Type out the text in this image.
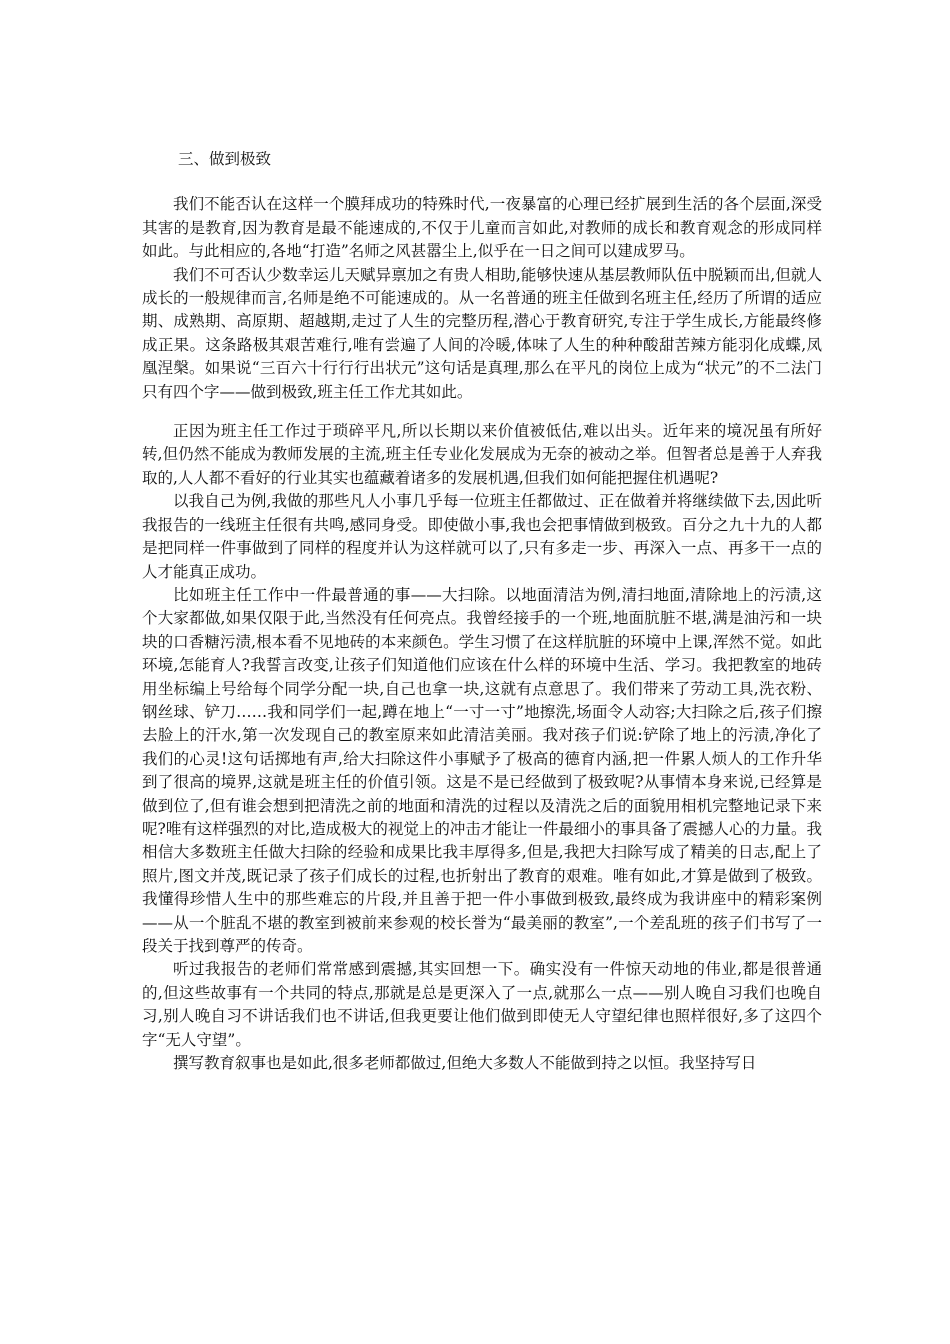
三、做到极致

我们不能否认在这样一个膜拜成功的特殊时代,一夜暴富的心理已经扩展到生活的各个层面,深受其害的是教育,因为教育是最不能速成的,不仅于儿童而言如此,对教师的成长和教育观念的形成同样如此。与此相应的,各地“打造”名师之风甚嚣尘上,似乎在一日之间可以建成罗马。

我们不可否认少数幸运儿天赋异禀加之有贵人相助,能够快速从基层教师队伍中脱颖而出,但就人成长的一般规律而言,名师是绝不可能速成的。从一名普通的班主任做到名班主任,经历了所谓的适应期、成熟期、高原期、超越期,走过了人生的完整历程,潜心于教育研究,专注于学生成长,方能最终修成正果。这条路极其艰苦难行,唯有尝遍了人间的冷暖,体味了人生的种种酸甜苦辣方能羽化成蝶,凤凰涅槃。如果说“三百六十行行行出状元”这句话是真理,那么在平凡的岗位上成为“状元”的不二法门只有四个字——做到极致,班主任工作尤其如此。

正因为班主任工作过于琐碎平凡,所以长期以来价值被低估,难以出头。近年来的境况虽有所好转,但仍然不能成为教师发展的主流,班主任专业化发展成为无奈的被动之举。但智者总是善于人弃我取的,人人都不看好的行业其实也蕴藏着诸多的发展机遇,但我们如何能把握住机遇呢?

以我自己为例,我做的那些凡人小事几乎每一位班主任都做过、正在做着并将继续做下去,因此听我报告的一线班主任很有共鸣,感同身受。即使做小事,我也会把事情做到极致。百分之九十九的人都是把同样一件事做到了同样的程度并认为这样就可以了,只有多走一步、再深入一点、再多干一点的人才能真正成功。

比如班主任工作中一件最普通的事——大扫除。以地面清洁为例,清扫地面,清除地上的污渍,这个大家都做,如果仅限于此,当然没有任何亮点。我曾经接手的一个班,地面肮脏不堪,满是油污和一块块的口香糖污渍,根本看不见地砖的本来颜色。学生习惯了在这样肮脏的环境中上课,浑然不觉。如此环境,怎能育人?我誓言改变,让孩子们知道他们应该在什么样的环境中生活、学习。我把教室的地砖用坐标编上号给每个同学分配一块,自己也拿一块,这就有点意思了。我们带来了劳动工具,洗衣粉、钢丝球、铲刀……我和同学们一起,蹲在地上“一寸一寸”地擦洗,场面令人动容;大扫除之后,孩子们擦去脸上的汗水,第一次发现自己的教室原来如此清洁美丽。我对孩子们说:铲除了地上的污渍,净化了我们的心灵!这句话掷地有声,给大扫除这件小事赋予了极高的德育内涵,把一件累人烦人的工作升华到了很高的境界,这就是班主任的价值引领。这是不是已经做到了极致呢?从事情本身来说,已经算是做到位了,但有谁会想到把清洗之前的地面和清洗的过程以及清洗之后的面貌用相机完整地记录下来呢?唯有这样强烈的对比,造成极大的视觉上的冲击才能让一件最细小的事具备了震撼人心的力量。我相信大多数班主任做大扫除的经验和成果比我丰厚得多,但是,我把大扫除写成了精美的日志,配上了照片,图文并茂,既记录了孩子们成长的过程,也折射出了教育的艰难。唯有如此,才算是做到了极致。我懂得珍惜人生中的那些难忘的片段,并且善于把一件小事做到极致,最终成为我讲座中的精彩案例——从一个脏乱不堪的教室到被前来参观的校长誉为“最美丽的教室”,一个差乱班的孩子们书写了一段关于找到尊严的传奇。

听过我报告的老师们常常感到震撼,其实回想一下。确实没有一件惊天动地的伟业,都是很普通的,但这些故事有一个共同的特点,那就是总是更深入了一点,就那么一点——别人晚自习我们也晚自习,别人晚自习不讲话我们也不讲话,但我更要让他们做到即使无人守望纪律也照样很好,多了这四个字“无人守望”。

撰写教育叙事也是如此,很多老师都做过,但绝大多数人不能做到持之以恒。我坚持写日
